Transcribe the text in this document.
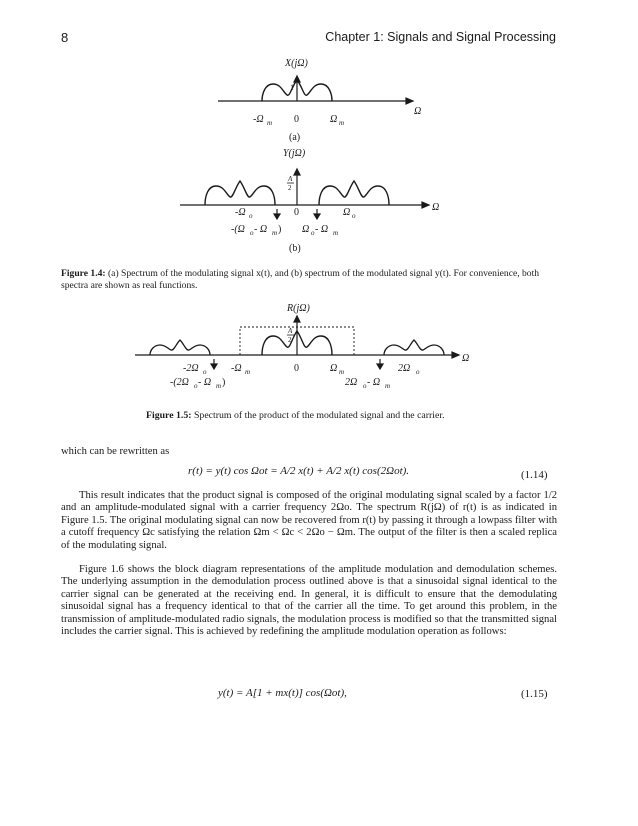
8	Chapter 1: Signals and Signal Processing
X(jΩ)
1
-Ω m 0	Ω m
Ω
(a)
Y(jΩ)
A
2
-Ω o	0	Ω o
-(Ω o - Ω m ) Ω o - Ω m
Ω
(b)
Figure 1.4: (a) Spectrum of the modulating signal x(t), and (b) spectrum of the modulated signal y(t). For convenience, both spectra are shown as real functions.
R(jΩ)
A
2
Ω
-2Ω o -Ω m	0	Ω m	2Ω o
-(2Ω o - Ω m )	2Ω o - Ω m
Figure 1.5: Spectrum of the product of the modulated signal and the carrier.
which can be rewritten as
r(t) = y(t) cos Ωot = A/2 x(t) + A/2 x(t) cos(2Ωot).	(1.14)

This result indicates that the product signal is composed of the original modulating signal scaled by a factor 1/2 and an amplitude-modulated signal with a carrier frequency 2Ωo. The spectrum R(jΩ) of r(t) is as indicated in Figure 1.5. The original modulating signal can now be recovered from r(t) by passing it through a lowpass filter with a cutoff frequency Ωc satisfying the relation Ωm < Ωc < 2Ωo − Ωm. The output of the filter is then a scaled replica of the modulating signal.

Figure 1.6 shows the block diagram representations of the amplitude modulation and demodulation schemes. The underlying assumption in the demodulation process outlined above is that a sinusoidal signal identical to the carrier signal can be generated at the receiving end. In general, it is difficult to ensure that the demodulating sinusoidal signal has a frequency identical to that of the carrier all the time. To get around this problem, in the transmission of amplitude-modulated radio signals, the modulation process is modified so that the transmitted signal includes the carrier signal. This is achieved by redefining the amplitude modulation operation as follows:

y(t) = A[1 + mx(t)] cos(Ωot),	(1.15)
